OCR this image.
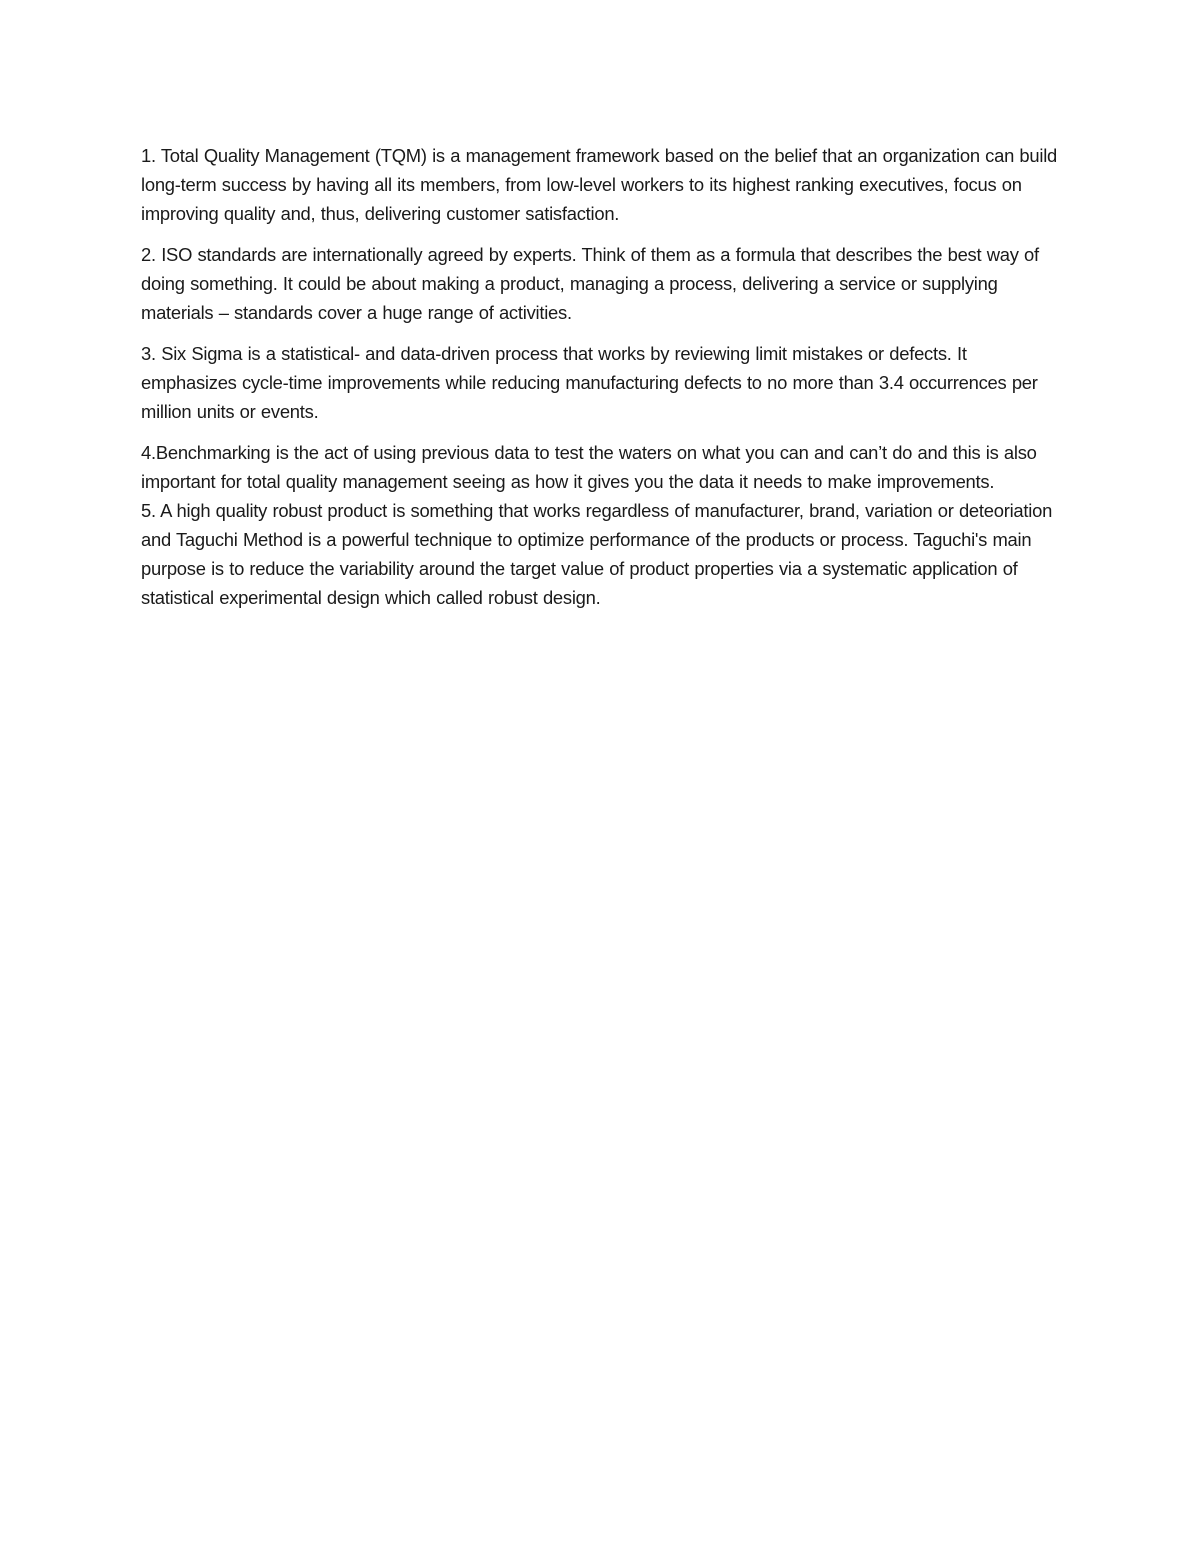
1. Total Quality Management (TQM) is a management framework based on the belief that an organization can build long-term success by having all its members, from low-level workers to its highest ranking executives, focus on improving quality and, thus, delivering customer satisfaction.

2. ISO standards are internationally agreed by experts. Think of them as a formula that describes the best way of doing something. It could be about making a product, managing a process, delivering a service or supplying materials – standards cover a huge range of activities.

3. Six Sigma is a statistical- and data-driven process that works by reviewing limit mistakes or defects. It emphasizes cycle-time improvements while reducing manufacturing defects to no more than 3.4 occurrences per million units or events.

4.Benchmarking is the act of using previous data to test the waters on what you can and can’t do and this is also important for total quality management seeing as how it gives you the data it needs to make improvements.

5. A high quality robust product is something that works regardless of manufacturer, brand, variation or deteoriation and Taguchi Method is a powerful technique to optimize performance of the products or process. Taguchi's main purpose is to reduce the variability around the target value of product properties via a systematic application of statistical experimental design which called robust design.
